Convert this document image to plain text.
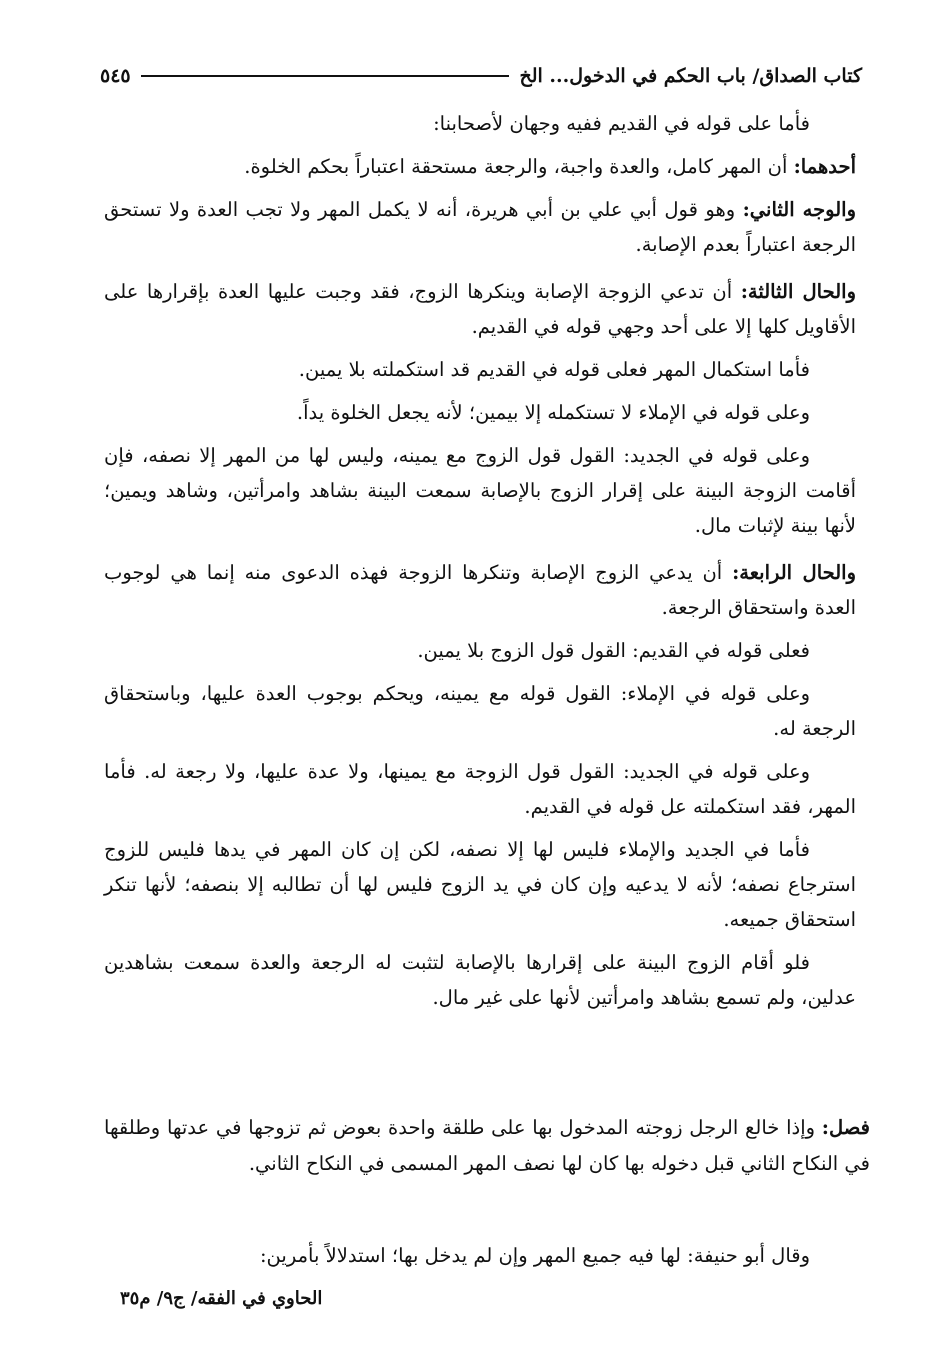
كتاب الصداق/ باب الحكم في الدخول... الخ
٥٤٥

فأما على قوله في القديم ففيه وجهان لأصحابنا:

أحدهما: أن المهر كامل، والعدة واجبة، والرجعة مستحقة اعتباراً بحكم الخلوة.

والوجه الثاني: وهو قول أبي علي بن أبي هريرة، أنه لا يكمل المهر ولا تجب العدة ولا تستحق الرجعة اعتباراً بعدم الإصابة.

والحال الثالثة: أن تدعي الزوجة الإصابة وينكرها الزوج، فقد وجبت عليها العدة بإقرارها على الأقاويل كلها إلا على أحد وجهي قوله في القديم.

فأما استكمال المهر فعلى قوله في القديم قد استكملته بلا يمين.

وعلى قوله في الإملاء لا تستكمله إلا بيمين؛ لأنه يجعل الخلوة يداً.

وعلى قوله في الجديد: القول قول الزوج مع يمينه، وليس لها من المهر إلا نصفه، فإن أقامت الزوجة البينة على إقرار الزوج بالإصابة سمعت البينة بشاهد وامرأتين، وشاهد ويمين؛ لأنها بينة لإثبات مال.

والحال الرابعة: أن يدعي الزوج الإصابة وتنكرها الزوجة فهذه الدعوى منه إنما هي لوجوب العدة واستحقاق الرجعة.

فعلى قوله في القديم: القول قول الزوج بلا يمين.

وعلى قوله في الإملاء: القول قوله مع يمينه، ويحكم بوجوب العدة عليها، وباستحقاق الرجعة له.

وعلى قوله في الجديد: القول قول الزوجة مع يمينها، ولا عدة عليها، ولا رجعة له. فأما المهر، فقد استكملته عل قوله في القديم.

فأما في الجديد والإملاء فليس لها إلا نصفه، لكن إن كان المهر في يدها فليس للزوج استرجاع نصفه؛ لأنه لا يدعيه وإن كان في يد الزوج فليس لها أن تطالبه إلا بنصفه؛ لأنها تنكر استحقاق جميعه.

فلو أقام الزوج البينة على إقرارها بالإصابة لتثبت له الرجعة والعدة سمعت بشاهدين عدلين، ولم تسمع بشاهد وامرأتين لأنها على غير مال.

فصل: وإذا خالع الرجل زوجته المدخول بها على طلقة واحدة بعوض ثم تزوجها في عدتها وطلقها في النكاح الثاني قبل دخوله بها كان لها نصف المهر المسمى في النكاح الثاني.
وقال أبو حنيفة: لها فيه جميع المهر وإن لم يدخل بها؛ استدلالاً بأمرين:
الحاوي في الفقه/ ج٩/ م٣٥
